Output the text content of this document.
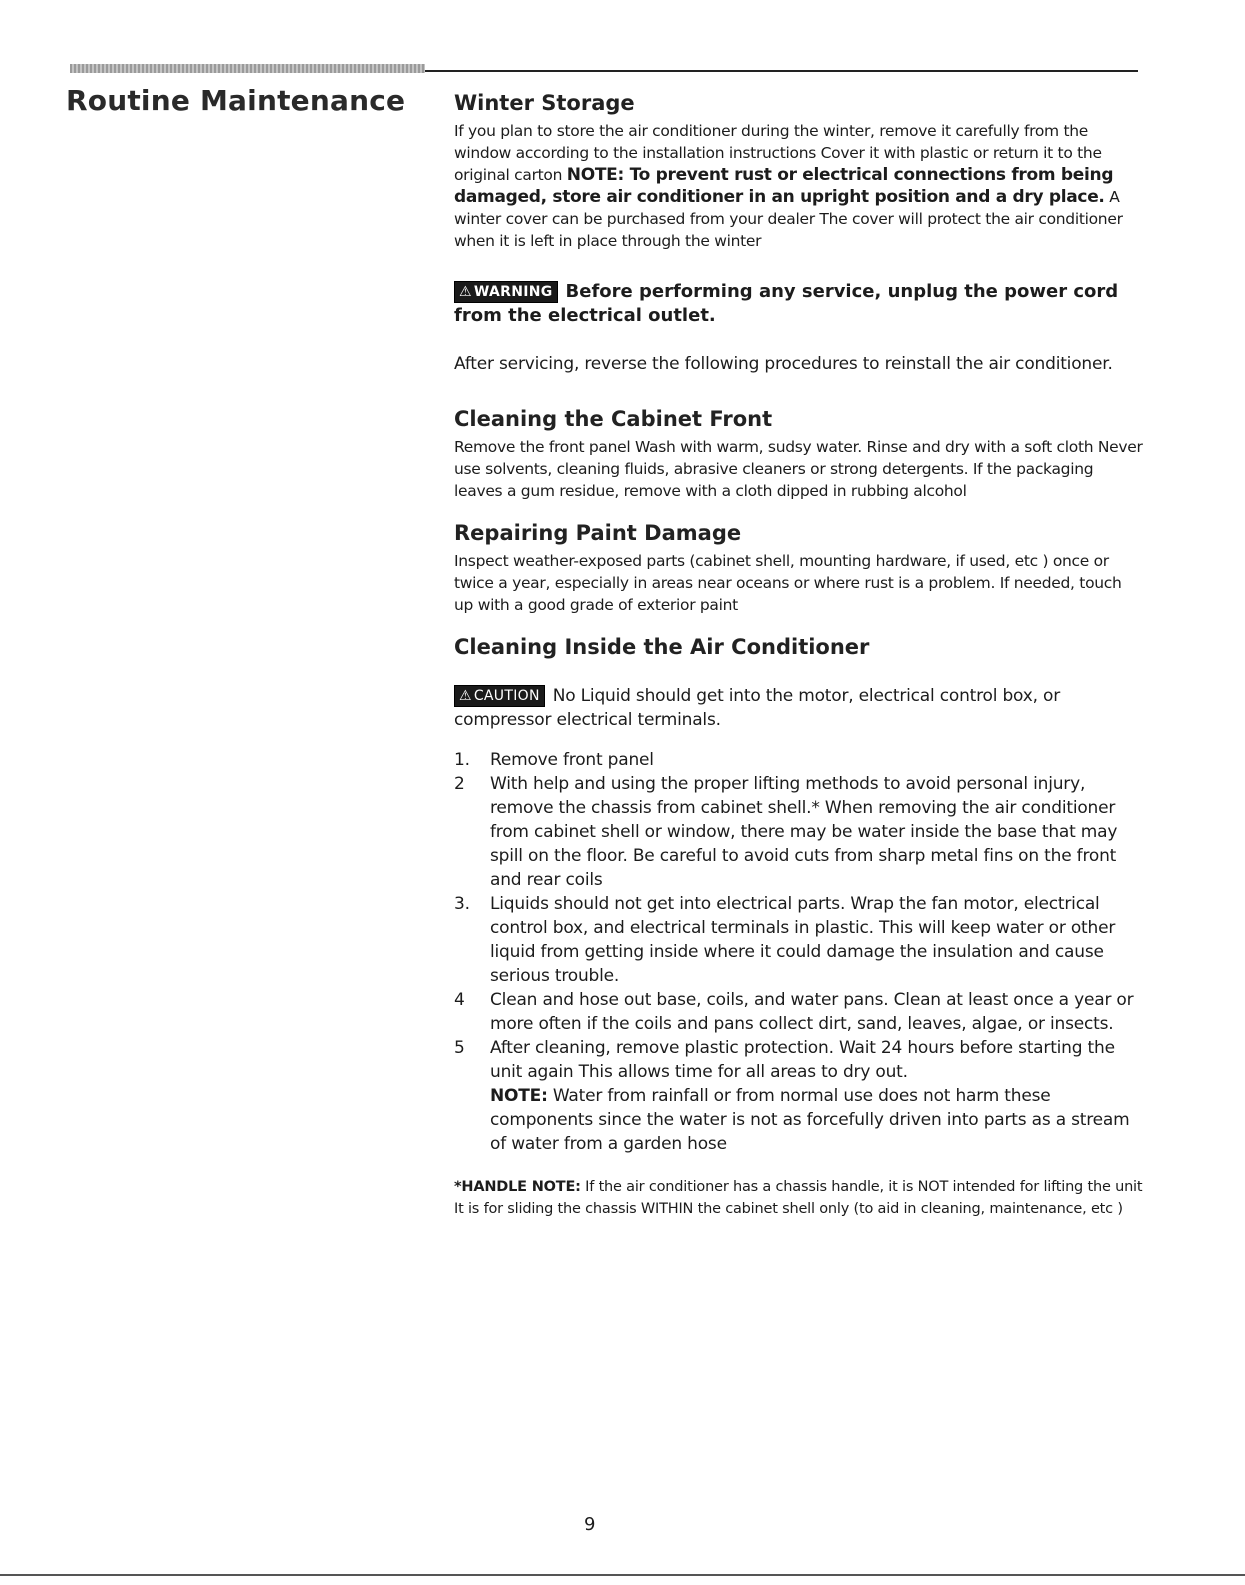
Routine Maintenance Winter Storage

If you plan to store the air conditioner during the winter, remove it carefully from the window according to the installation instructions Cover it with plastic or return it to the original carton NOTE: To prevent rust or electrical connections from being damaged, store air conditioner in an upright position and a dry place. A winter cover can be purchased from your dealer The cover will protect the air conditioner when it is left in place through the winter

⚠ WARNING Before performing any service, unplug the power cord from the electrical outlet.

After servicing, reverse the following procedures to reinstall the air conditioner.

Cleaning the Cabinet Front

Remove the front panel Wash with warm, sudsy water. Rinse and dry with a soft cloth Never use solvents, cleaning fluids, abrasive cleaners or strong detergents. If the packaging leaves a gum residue, remove with a cloth dipped in rubbing alcohol

Repairing Paint Damage

Inspect weather-exposed parts (cabinet shell, mounting hardware, if used, etc ) once or twice a year, especially in areas near oceans or where rust is a problem. If needed, touch up with a good grade of exterior paint

Cleaning Inside the Air Conditioner

⚠ CAUTION No Liquid should get into the motor, electrical control box, or compressor electrical terminals.

1. Remove front panel
2 With help and using the proper lifting methods to avoid personal injury, remove the chassis from cabinet shell.* When removing the air conditioner from cabinet shell or window, there may be water inside the base that may spill on the floor. Be careful to avoid cuts from sharp metal fins on the front and rear coils
3. Liquids should not get into electrical parts. Wrap the fan motor, electrical control box, and electrical terminals in plastic. This will keep water or other liquid from getting inside where it could damage the insulation and cause serious trouble.
4 Clean and hose out base, coils, and water pans. Clean at least once a year or more often if the coils and pans collect dirt, sand, leaves, algae, or insects.
5 After cleaning, remove plastic protection. Wait 24 hours before starting the unit again This allows time for all areas to dry out.
NOTE: Water from rainfall or from normal use does not harm these components since the water is not as forcefully driven into parts as a stream of water from a garden hose

*HANDLE NOTE: If the air conditioner has a chassis handle, it is NOT intended for lifting the unit It is for sliding the chassis WITHIN the cabinet shell only (to aid in cleaning, maintenance, etc )

9
